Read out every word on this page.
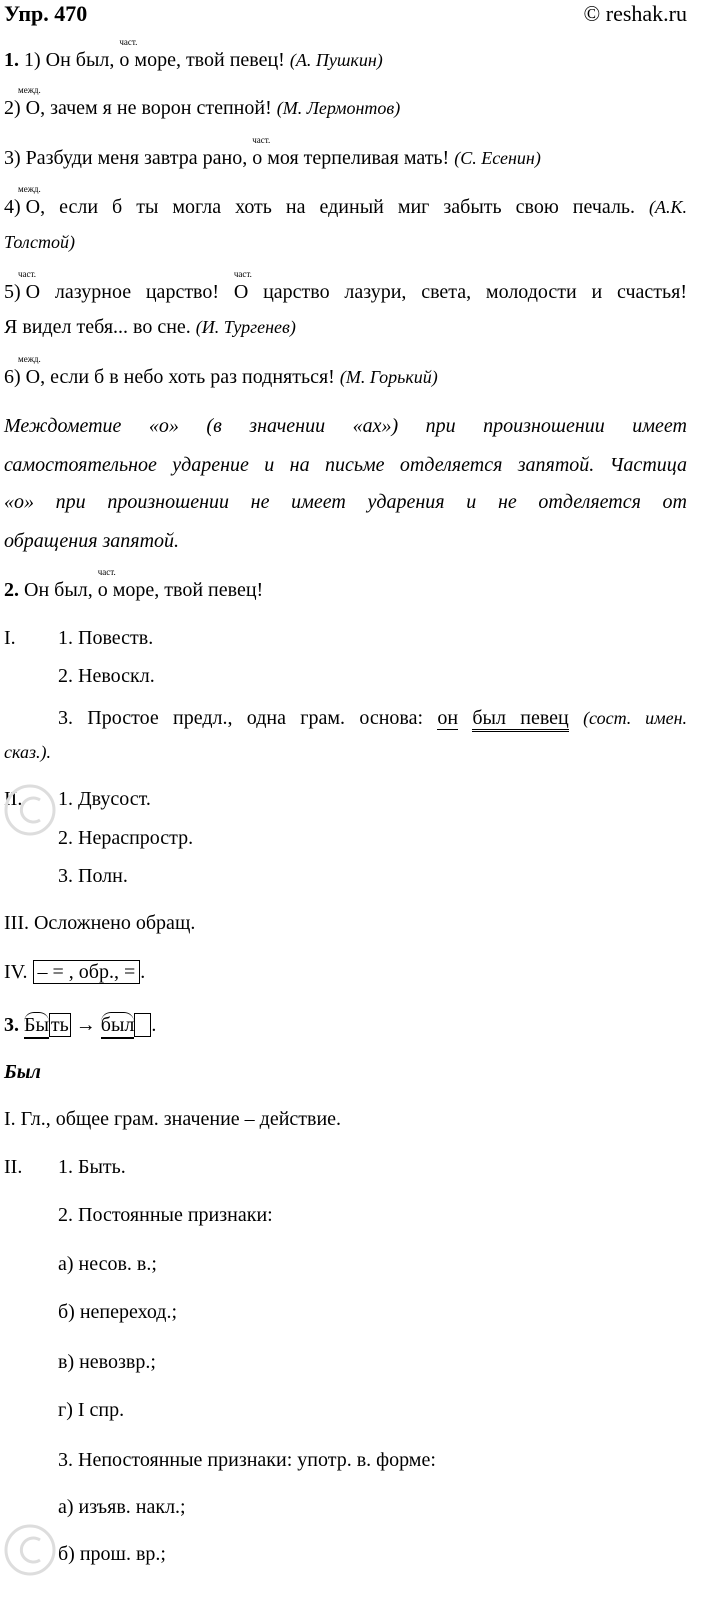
Упр. 470	© reshak.ru
1. 1) Он был,
част.
о море, твой певец! (А. Пушкин)
межд.
2) О, зачем я не ворон степной! (М. Лермонтов)
3) Разбуди меня завтра рано,
част.
о моя терпеливая мать! (С. Есенин)
межд.
4) О, если б ты могла хоть на единый миг забыть свою печаль. (А.К.
Толстой)
част.
5) О лазурное царство!
част.
О царство лазури, света, молодости и счастья!
Я видел тебя... во сне. (И. Тургенев)
межд.
6) О, если б в небо хоть раз подняться! (М. Горький)
Междометие «о» (в значении «ах») при произношении имеет
самостоятельное ударение и на письме отделяется запятой. Частица
«о» при произношении не имеет ударения и не отделяется от
обращения запятой.
2. Он был,
част.
о море, твой певец!
I.	1. Повеств.
2. Невоскл.
3. Простое предл., одна грам. основа: он был певец (сост. имен.
сказ.).
II.	1. Двусост.
2. Нераспростр.
3. Полн.
III. Осложнено обращ.
IV. – = , обр., = .
3. Бы ть → был .
Был
I. Гл., общее грам. значение – действие.
II.	1. Быть.
2. Постоянные признаки:
а) несов. в.;
б) непереход.;
в) невозвр.;
г) I спр.
3. Непостоянные признаки: употр. в. форме:
а) изъяв. накл.;
б) прош. вр.;
